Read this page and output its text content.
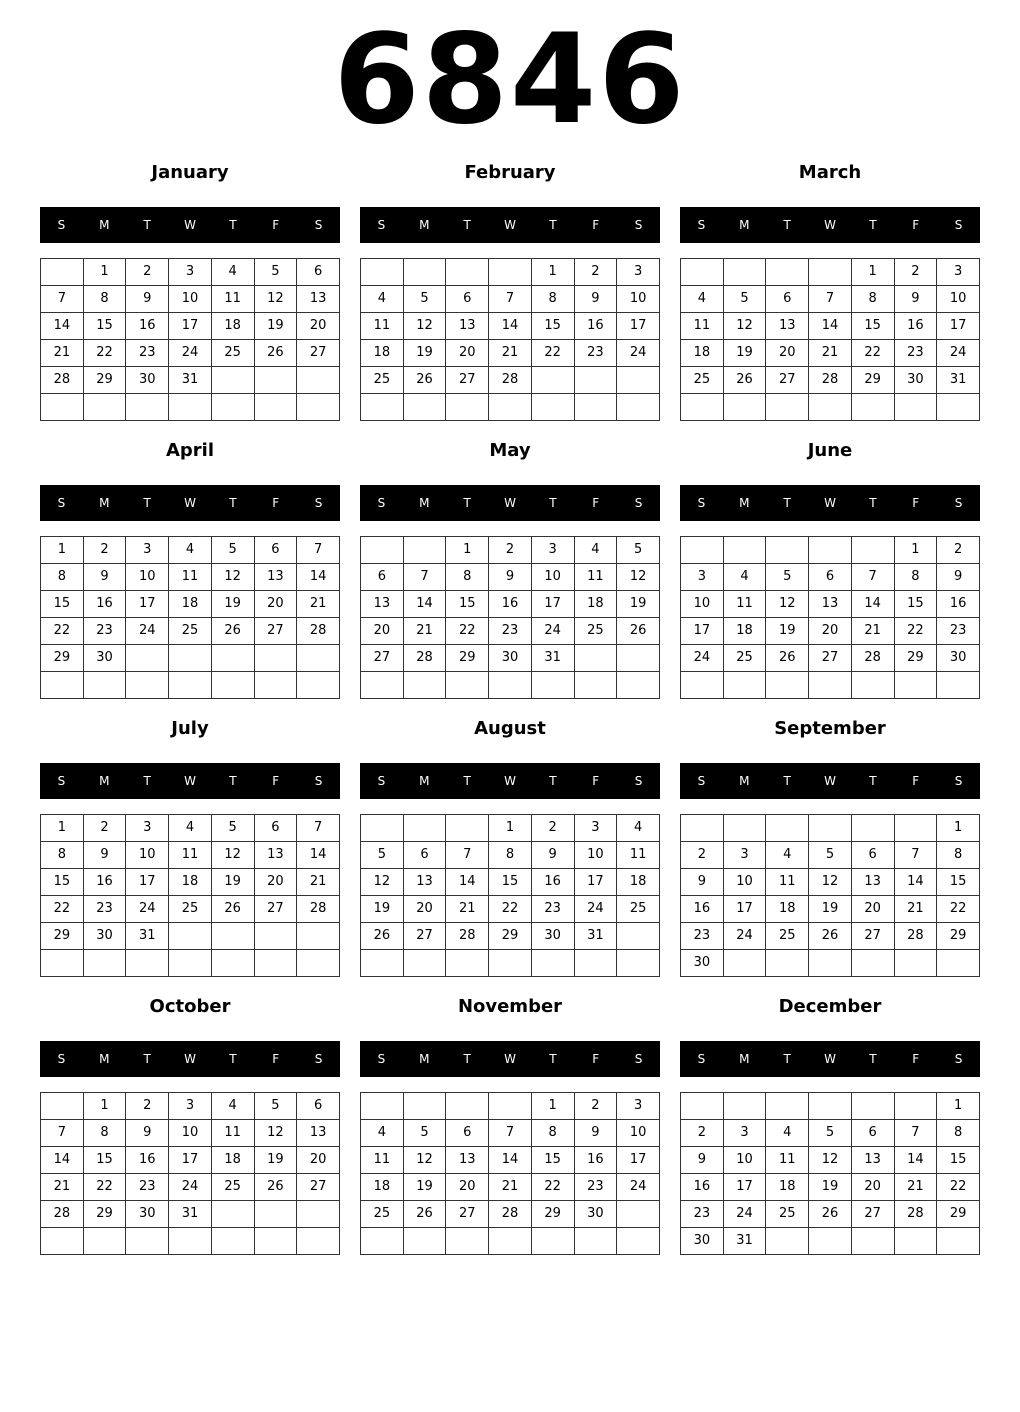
6846
January
S	M	T	W	T	F	S
	1	2	3	4	5	6
7	8	9	10	11	12	13
14	15	16	17	18	19	20
21	22	23	24	25	26	27
28	29	30	31			

February
S	M	T	W	T	F	S
				1	2	3
4	5	6	7	8	9	10
11	12	13	14	15	16	17
18	19	20	21	22	23	24
25	26	27	28			

March
S	M	T	W	T	F	S
				1	2	3
4	5	6	7	8	9	10
11	12	13	14	15	16	17
18	19	20	21	22	23	24
25	26	27	28	29	30	31

April
S	M	T	W	T	F	S
1	2	3	4	5	6	7
8	9	10	11	12	13	14
15	16	17	18	19	20	21
22	23	24	25	26	27	28
29	30					

May
S	M	T	W	T	F	S
		1	2	3	4	5
6	7	8	9	10	11	12
13	14	15	16	17	18	19
20	21	22	23	24	25	26
27	28	29	30	31		

June
S	M	T	W	T	F	S
					1	2
3	4	5	6	7	8	9
10	11	12	13	14	15	16
17	18	19	20	21	22	23
24	25	26	27	28	29	30

July
S	M	T	W	T	F	S
1	2	3	4	5	6	7
8	9	10	11	12	13	14
15	16	17	18	19	20	21
22	23	24	25	26	27	28
29	30	31				

August
S	M	T	W	T	F	S
			1	2	3	4
5	6	7	8	9	10	11
12	13	14	15	16	17	18
19	20	21	22	23	24	25
26	27	28	29	30	31	

September
S	M	T	W	T	F	S
						1
2	3	4	5	6	7	8
9	10	11	12	13	14	15
16	17	18	19	20	21	22
23	24	25	26	27	28	29
30						
October
S	M	T	W	T	F	S
	1	2	3	4	5	6
7	8	9	10	11	12	13
14	15	16	17	18	19	20
21	22	23	24	25	26	27
28	29	30	31			

November
S	M	T	W	T	F	S
				1	2	3
4	5	6	7	8	9	10
11	12	13	14	15	16	17
18	19	20	21	22	23	24
25	26	27	28	29	30	

December
S	M	T	W	T	F	S
						1
2	3	4	5	6	7	8
9	10	11	12	13	14	15
16	17	18	19	20	21	22
23	24	25	26	27	28	29
30	31					
